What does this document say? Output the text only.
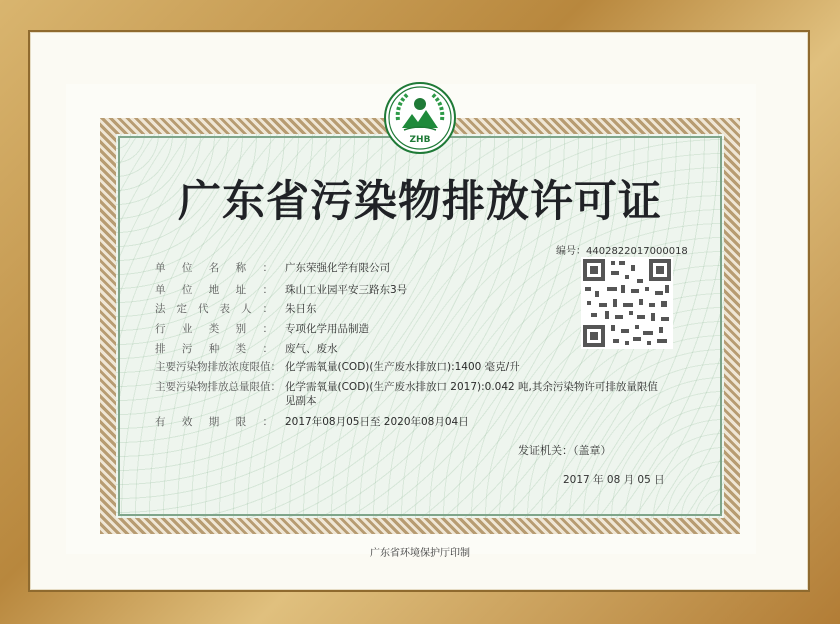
ZHB
广东省污染物排放许可证
编号：4402822017000018
单位名称： 广东荣强化学有限公司
单位地址： 珠山工业园平安三路东3号
法定代表人： 朱日东
行业类别： 专项化学用品制造
排污种类： 废气、废水
主要污染物排放浓度限值： 化学需氧量(COD)(生产废水排放口):1400 毫克/升
主要污染物排放总量限值： 化学需氧量(COD)(生产废水排放口 2017):0.042 吨,其余污染物许可排放量限值
见副本
有效期限： 2017年08月05日至 2020年08月04日
发证机关：（盖章）
2017 年 08 月 05 日
广东省环境保护厅印制
